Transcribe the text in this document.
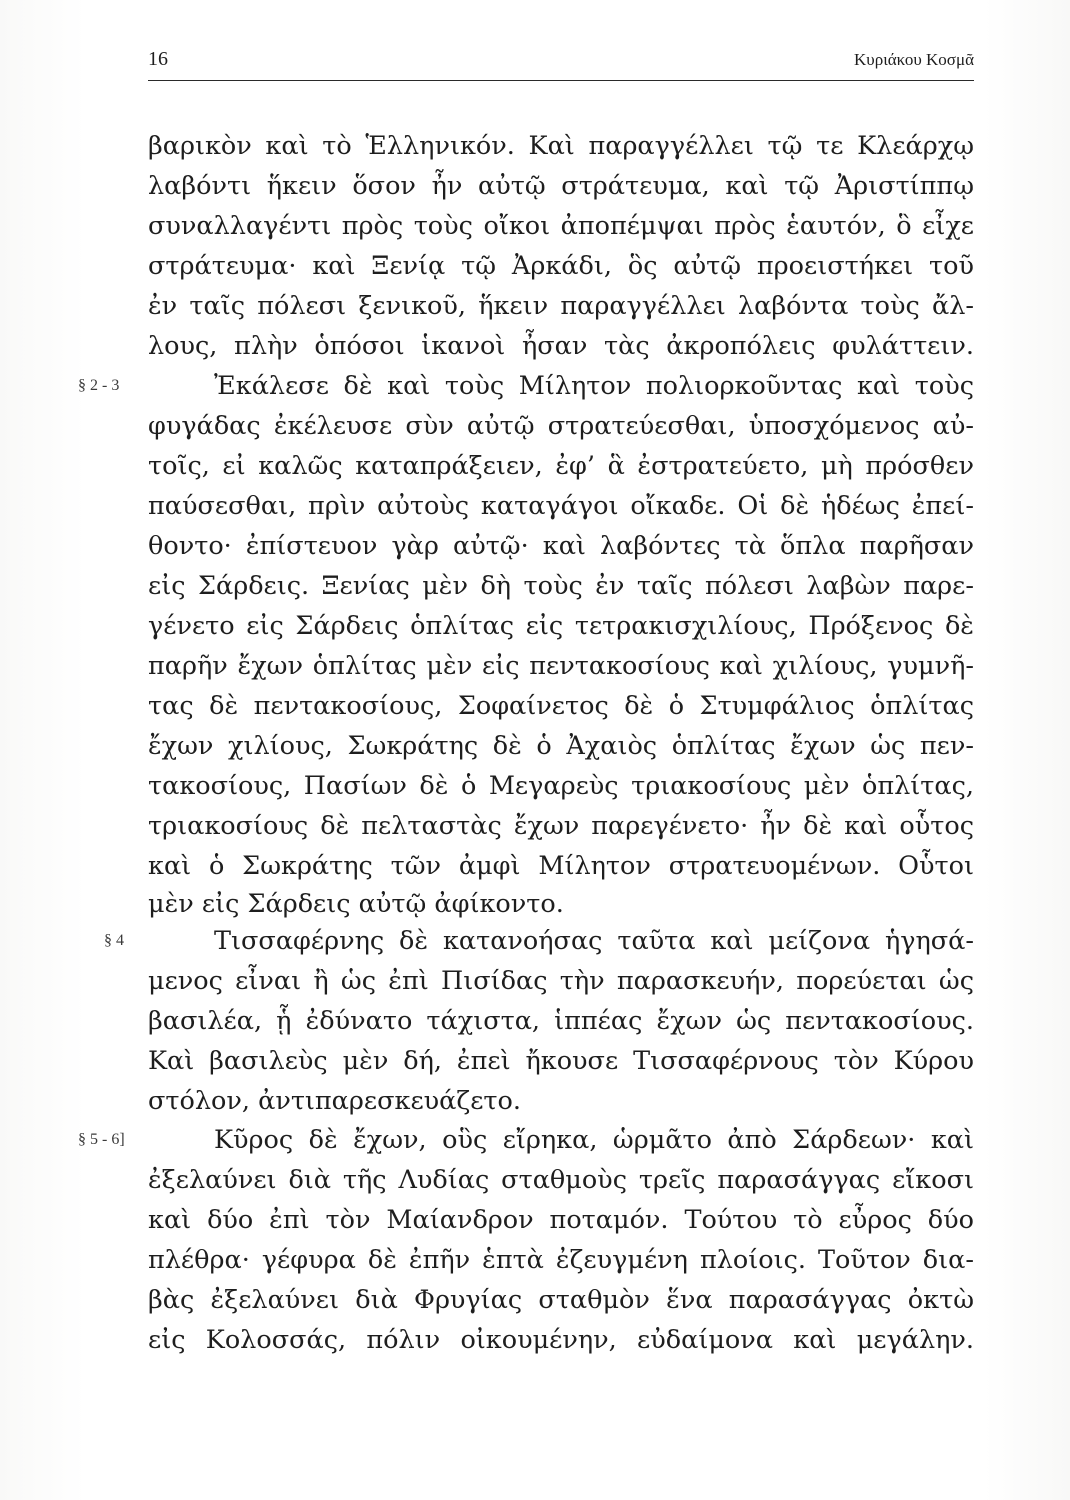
16	Κυριάκου Κοσμᾶ
§ 2 - 3
§ 4
§ 5 - 6]
βαρικὸν καὶ τὸ Ἑλληνικόν. Καὶ παραγγέλλει τῷ τε Κλεάρχῳ
λαβόντι ἥκειν ὅσον ἦν αὐτῷ στράτευμα, καὶ τῷ Ἀριστίππῳ
συναλλαγέντι πρὸς τοὺς οἴκοι ἀποπέμψαι πρὸς ἑαυτόν, ὃ εἶχε
στράτευμα· καὶ Ξενίᾳ τῷ Ἀρκάδι, ὃς αὐτῷ προειστήκει τοῦ
ἐν ταῖς πόλεσι ξενικοῦ, ἥκειν παραγγέλλει λαβόντα τοὺς ἄλ-
λους, πλὴν ὁπόσοι ἱκανοὶ ἦσαν τὰς ἀκροπόλεις φυλάττειν.
Ἐκάλεσε δὲ καὶ τοὺς Μίλητον πολιορκοῦντας καὶ τοὺς
φυγάδας ἐκέλευσε σὺν αὐτῷ στρατεύεσθαι, ὑποσχόμενος αὐ-
τοῖς, εἰ καλῶς καταπράξειεν, ἐφ’ ἃ ἐστρατεύετο, μὴ πρόσθεν
παύσεσθαι, πρὶν αὐτοὺς καταγάγοι οἴκαδε. Οἱ δὲ ἡδέως ἐπεί-
θοντο· ἐπίστευον γὰρ αὐτῷ· καὶ λαβόντες τὰ ὅπλα παρῆσαν
εἰς Σάρδεις. Ξενίας μὲν δὴ τοὺς ἐν ταῖς πόλεσι λαβὼν παρε-
γένετο εἰς Σάρδεις ὁπλίτας εἰς τετρακισχιλίους, Πρόξενος δὲ
παρῆν ἔχων ὁπλίτας μὲν εἰς πεντακοσίους καὶ χιλίους, γυμνῆ-
τας δὲ πεντακοσίους, Σοφαίνετος δὲ ὁ Στυμφάλιος ὁπλίτας
ἔχων χιλίους, Σωκράτης δὲ ὁ Ἀχαιὸς ὁπλίτας ἔχων ὡς πεν-
τακοσίους, Πασίων δὲ ὁ Μεγαρεὺς τριακοσίους μὲν ὁπλίτας,
τριακοσίους δὲ πελταστὰς ἔχων παρεγένετο· ἦν δὲ καὶ οὗτος
καὶ ὁ Σωκράτης τῶν ἀμφὶ Μίλητον στρατευομένων. Οὗτοι
μὲν εἰς Σάρδεις αὐτῷ ἀφίκοντο.
Τισσαφέρνης δὲ κατανοήσας ταῦτα καὶ μείζονα ἡγησά-
μενος εἶναι ἢ ὡς ἐπὶ Πισίδας τὴν παρασκευήν, πορεύεται ὡς
βασιλέα, ᾗ ἐδύνατο τάχιστα, ἱππέας ἔχων ὡς πεντακοσίους.
Καὶ βασιλεὺς μὲν δή, ἐπεὶ ἤκουσε Τισσαφέρνους τὸν Κύρου
στόλον, ἀντιπαρεσκευάζετο.
Κῦρος δὲ ἔχων, οὓς εἴρηκα, ὡρμᾶτο ἀπὸ Σάρδεων· καὶ
ἐξελαύνει διὰ τῆς Λυδίας σταθμοὺς τρεῖς παρασάγγας εἴκοσι
καὶ δύο ἐπὶ τὸν Μαίανδρον ποταμόν. Τούτου τὸ εὖρος δύο
πλέθρα· γέφυρα δὲ ἐπῆν ἑπτὰ ἐζευγμένη πλοίοις. Τοῦτον δια-
βὰς ἐξελαύνει διὰ Φρυγίας σταθμὸν ἕνα παρασάγγας ὀκτὼ
εἰς Κολοσσάς, πόλιν οἰκουμένην, εὐδαίμονα καὶ μεγάλην.
